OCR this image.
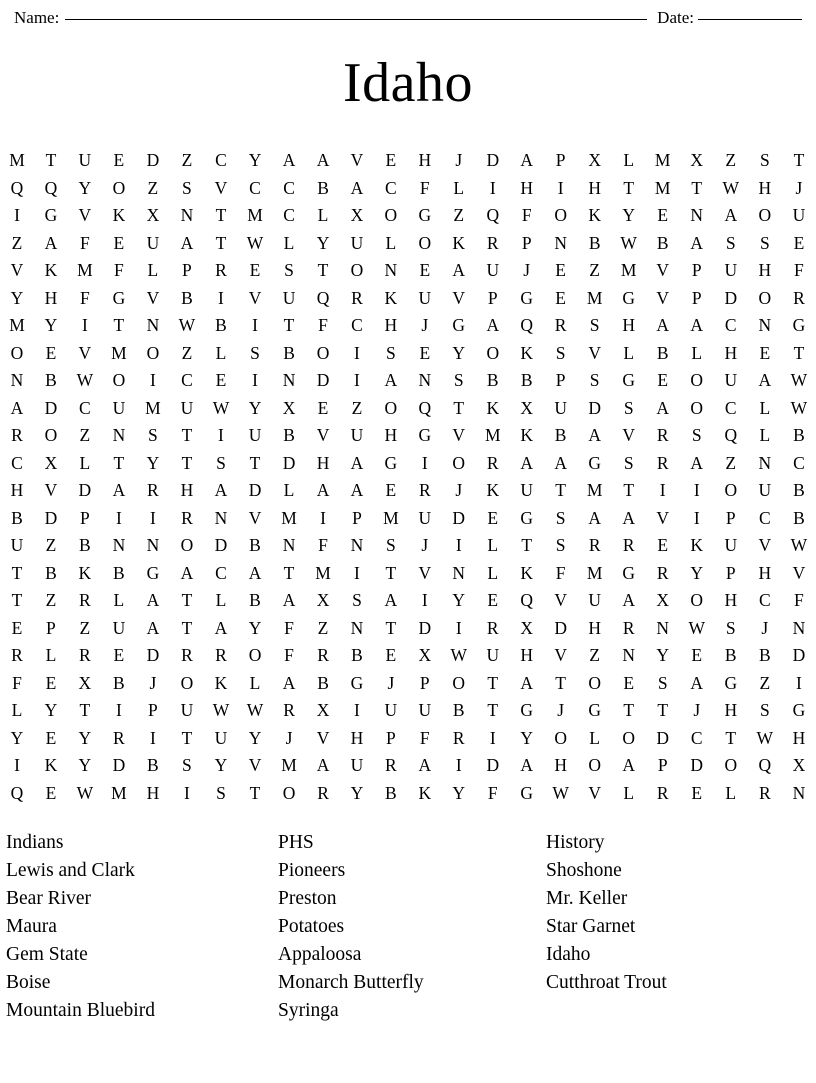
Name:	Date:
Idaho
M	T	U	E	D	Z	C	Y	A	A	V	E	H	J	D	A	P	X	L	M	X	Z	S	T
Q	Q	Y	O	Z	S	V	C	C	B	A	C	F	L	I	H	I	H	T	M	T	W	H	J
I	G	V	K	X	N	T	M	C	L	X	O	G	Z	Q	F	O	K	Y	E	N	A	O	U
Z	A	F	E	U	A	T	W	L	Y	U	L	O	K	R	P	N	B	W	B	A	S	S	E
V	K	M	F	L	P	R	E	S	T	O	N	E	A	U	J	E	Z	M	V	P	U	H	F
Y	H	F	G	V	B	I	V	U	Q	R	K	U	V	P	G	E	M	G	V	P	D	O	R
M	Y	I	T	N	W	B	I	T	F	C	H	J	G	A	Q	R	S	H	A	A	C	N	G
O	E	V	M	O	Z	L	S	B	O	I	S	E	Y	O	K	S	V	L	B	L	H	E	T
N	B	W	O	I	C	E	I	N	D	I	A	N	S	B	B	P	S	G	E	O	U	A	W
A	D	C	U	M	U	W	Y	X	E	Z	O	Q	T	K	X	U	D	S	A	O	C	L	W
R	O	Z	N	S	T	I	U	B	V	U	H	G	V	M	K	B	A	V	R	S	Q	L	B
C	X	L	T	Y	T	S	T	D	H	A	G	I	O	R	A	A	G	S	R	A	Z	N	C
H	V	D	A	R	H	A	D	L	A	A	E	R	J	K	U	T	M	T	I	I	O	U	B
B	D	P	I	I	R	N	V	M	I	P	M	U	D	E	G	S	A	A	V	I	P	C	B
U	Z	B	N	N	O	D	B	N	F	N	S	J	I	L	T	S	R	R	E	K	U	V	W
T	B	K	B	G	A	C	A	T	M	I	T	V	N	L	K	F	M	G	R	Y	P	H	V
T	Z	R	L	A	T	L	B	A	X	S	A	I	Y	E	Q	V	U	A	X	O	H	C	F
E	P	Z	U	A	T	A	Y	F	Z	N	T	D	I	R	X	D	H	R	N	W	S	J	N
R	L	R	E	D	R	R	O	F	R	B	E	X	W	U	H	V	Z	N	Y	E	B	B	D
F	E	X	B	J	O	K	L	A	B	G	J	P	O	T	A	T	O	E	S	A	G	Z	I
L	Y	T	I	P	U	W	W	R	X	I	U	U	B	T	G	J	G	T	T	J	H	S	G
Y	E	Y	R	I	T	U	Y	J	V	H	P	F	R	I	Y	O	L	O	D	C	T	W	H
I	K	Y	D	B	S	Y	V	M	A	U	R	A	I	D	A	H	O	A	P	D	O	Q	X
Q	E	W	M	H	I	S	T	O	R	Y	B	K	Y	F	G	W	V	L	R	E	L	R	N
Indians
Lewis and Clark
Bear River
Maura
Gem State
Boise
Mountain Bluebird
PHS
Pioneers
Preston
Potatoes
Appaloosa
Monarch Butterfly
Syringa
History
Shoshone
Mr. Keller
Star Garnet
Idaho
Cutthroat Trout
